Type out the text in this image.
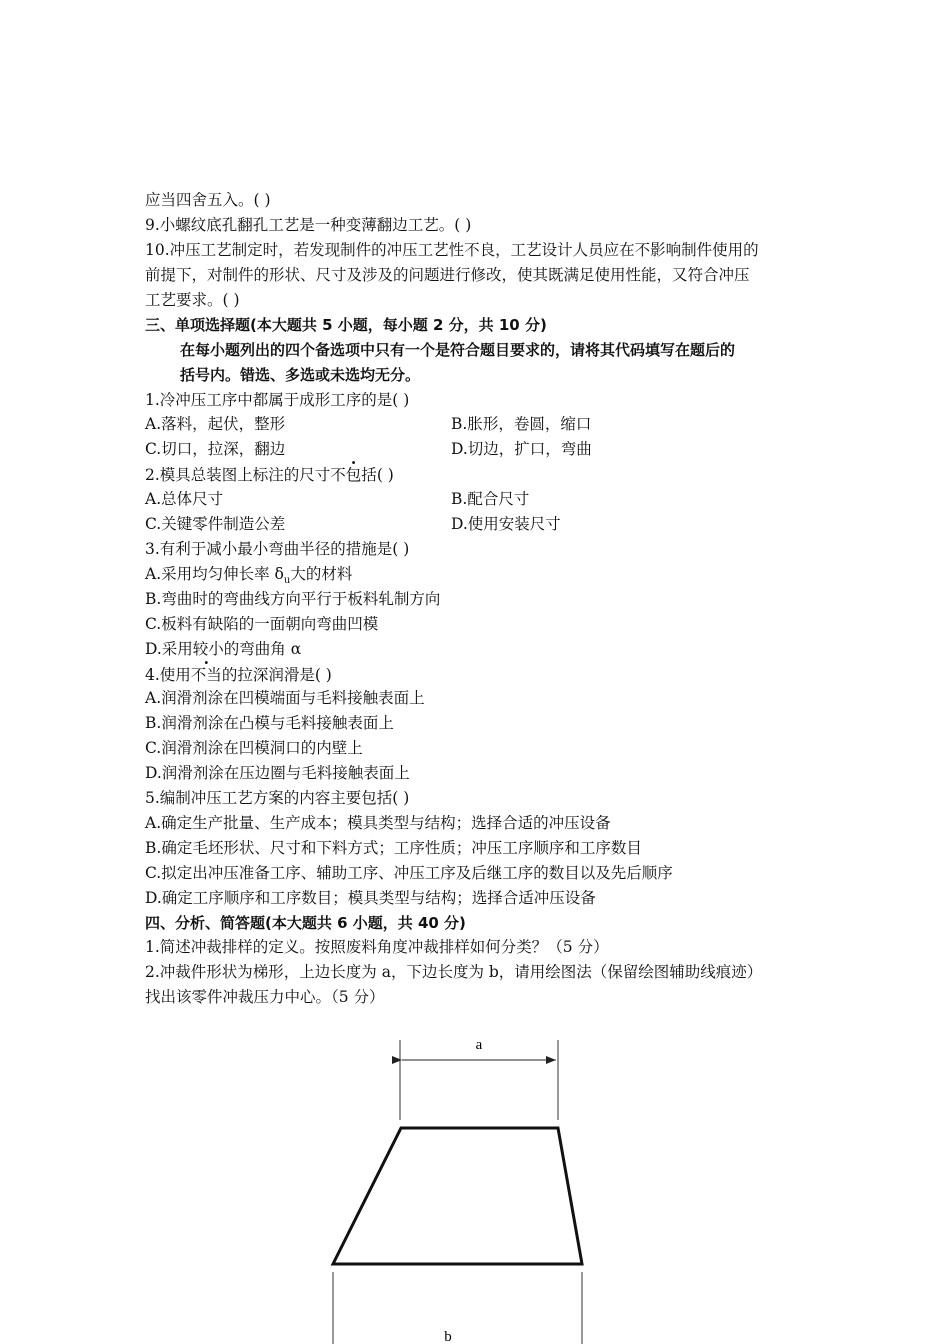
应当四舍五入。( )
9.小螺纹底孔翻孔工艺是一种变薄翻边工艺。( )
10.冲压工艺制定时，若发现制件的冲压工艺性不良，工艺设计人员应在不影响制件使用的
前提下，对制件的形状、尺寸及涉及的问题进行修改，使其既满足使用性能，又符合冲压
工艺要求。( )
三、单项选择题(本大题共 5 小题，每小题 2 分，共 10 分)
在每小题列出的四个备选项中只有一个是符合题目要求的，请将其代码填写在题后的
括号内。错选、多选或未选均无分。
1.冷冲压工序中都属于成形工序的是( )
A.落料，起伏，整形	B.胀形，卷圆，缩口
C.切口，拉深，翻边	D.切边，扩口，弯曲
2.模具总装图上标注的尺寸不包括( )
A.总体尺寸	B.配合尺寸
C.关键零件制造公差	D.使用安装尺寸
3.有利于减小最小弯曲半径的措施是( )
A.采用均匀伸长率 $\delta_u$大的材料
B.弯曲时的弯曲线方向平行于板料轧制方向
C.板料有缺陷的一面朝向弯曲凹模
D.采用较小的弯曲角 α
4.使用不当的拉深润滑是( )
A.润滑剂涂在凹模端面与毛料接触表面上
B.润滑剂涂在凸模与毛料接触表面上
C.润滑剂涂在凹模洞口的内壁上
D.润滑剂涂在压边圈与毛料接触表面上
5.编制冲压工艺方案的内容主要包括( )
A.确定生产批量、生产成本；模具类型与结构；选择合适的冲压设备
B.确定毛坯形状、尺寸和下料方式；工序性质；冲压工序顺序和工序数目
C.拟定出冲压准备工序、辅助工序、冲压工序及后继工序的数目以及先后顺序
D.确定工序顺序和工序数目；模具类型与结构；选择合适冲压设备
四、分析、简答题(本大题共 6 小题，共 40 分)
1.简述冲裁排样的定义。按照废料角度冲裁排样如何分类？（5 分）
2.冲裁件形状为梯形，上边长度为 a，下边长度为 b，请用绘图法（保留绘图辅助线痕迹）
找出该零件冲裁压力中心。（5 分）
a
b
